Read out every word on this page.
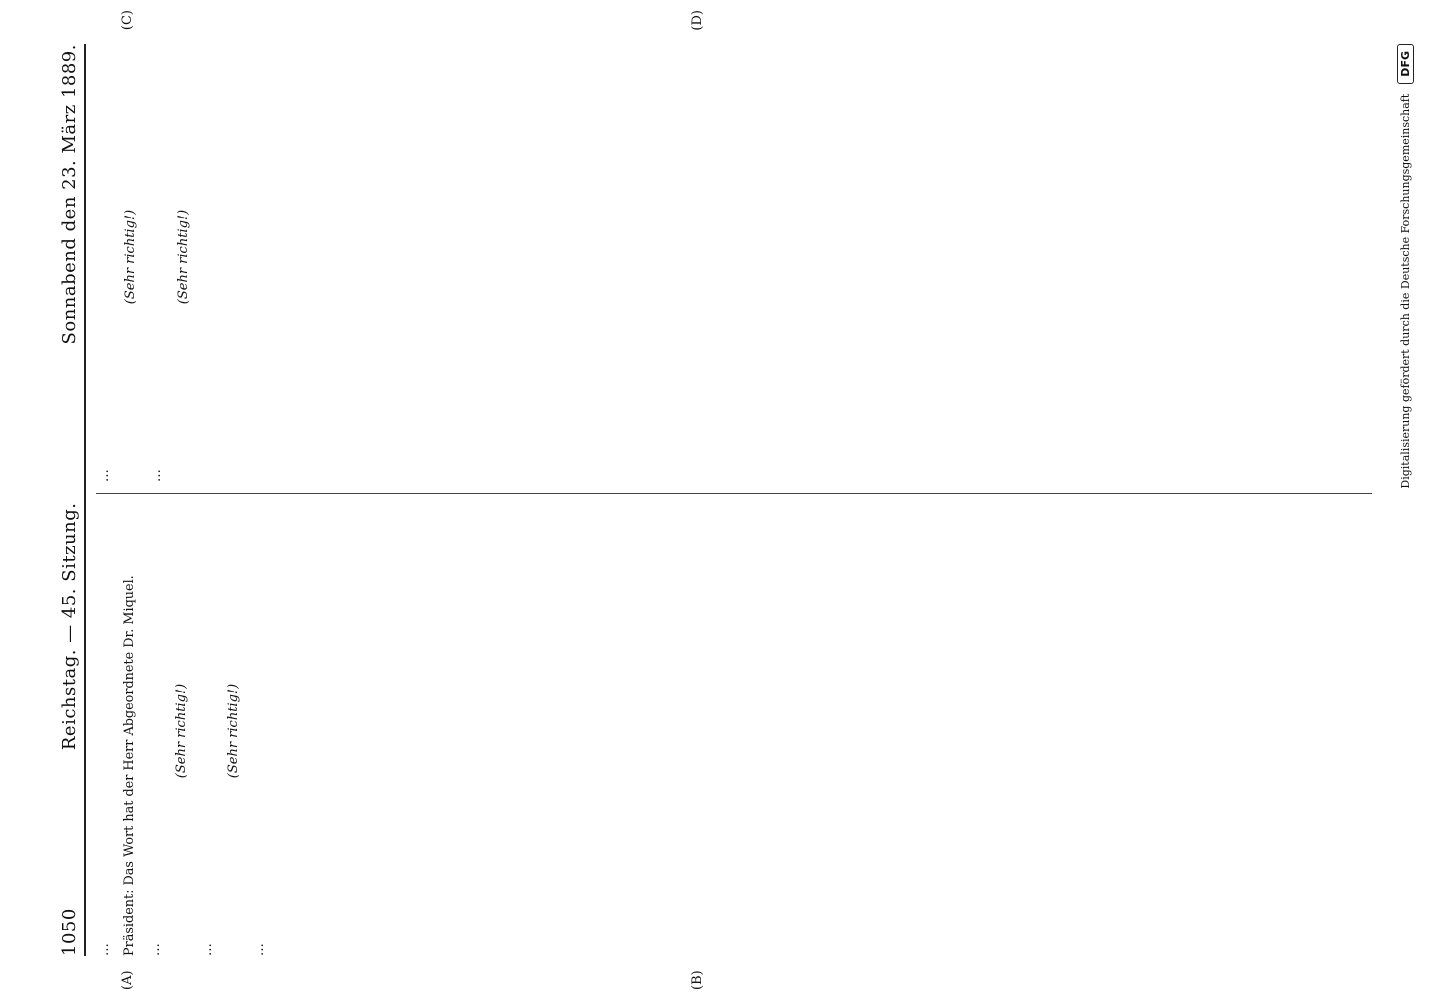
1050
Reichstag. — 45. Sitzung.
Sonnabend den 23. März 1889.
(A)	(B)
(C)	(D)

… Präsident: Das Wort hat der Herr Abgeordnete Dr. Miquel. …

(Sehr richtig!)

…

(Sehr richtig!)

…

…

(Sehr richtig!)

…

(Sehr richtig!)	Digitalisierung gefördert durch die Deutsche Forschungsgemeinschaft
DFG
